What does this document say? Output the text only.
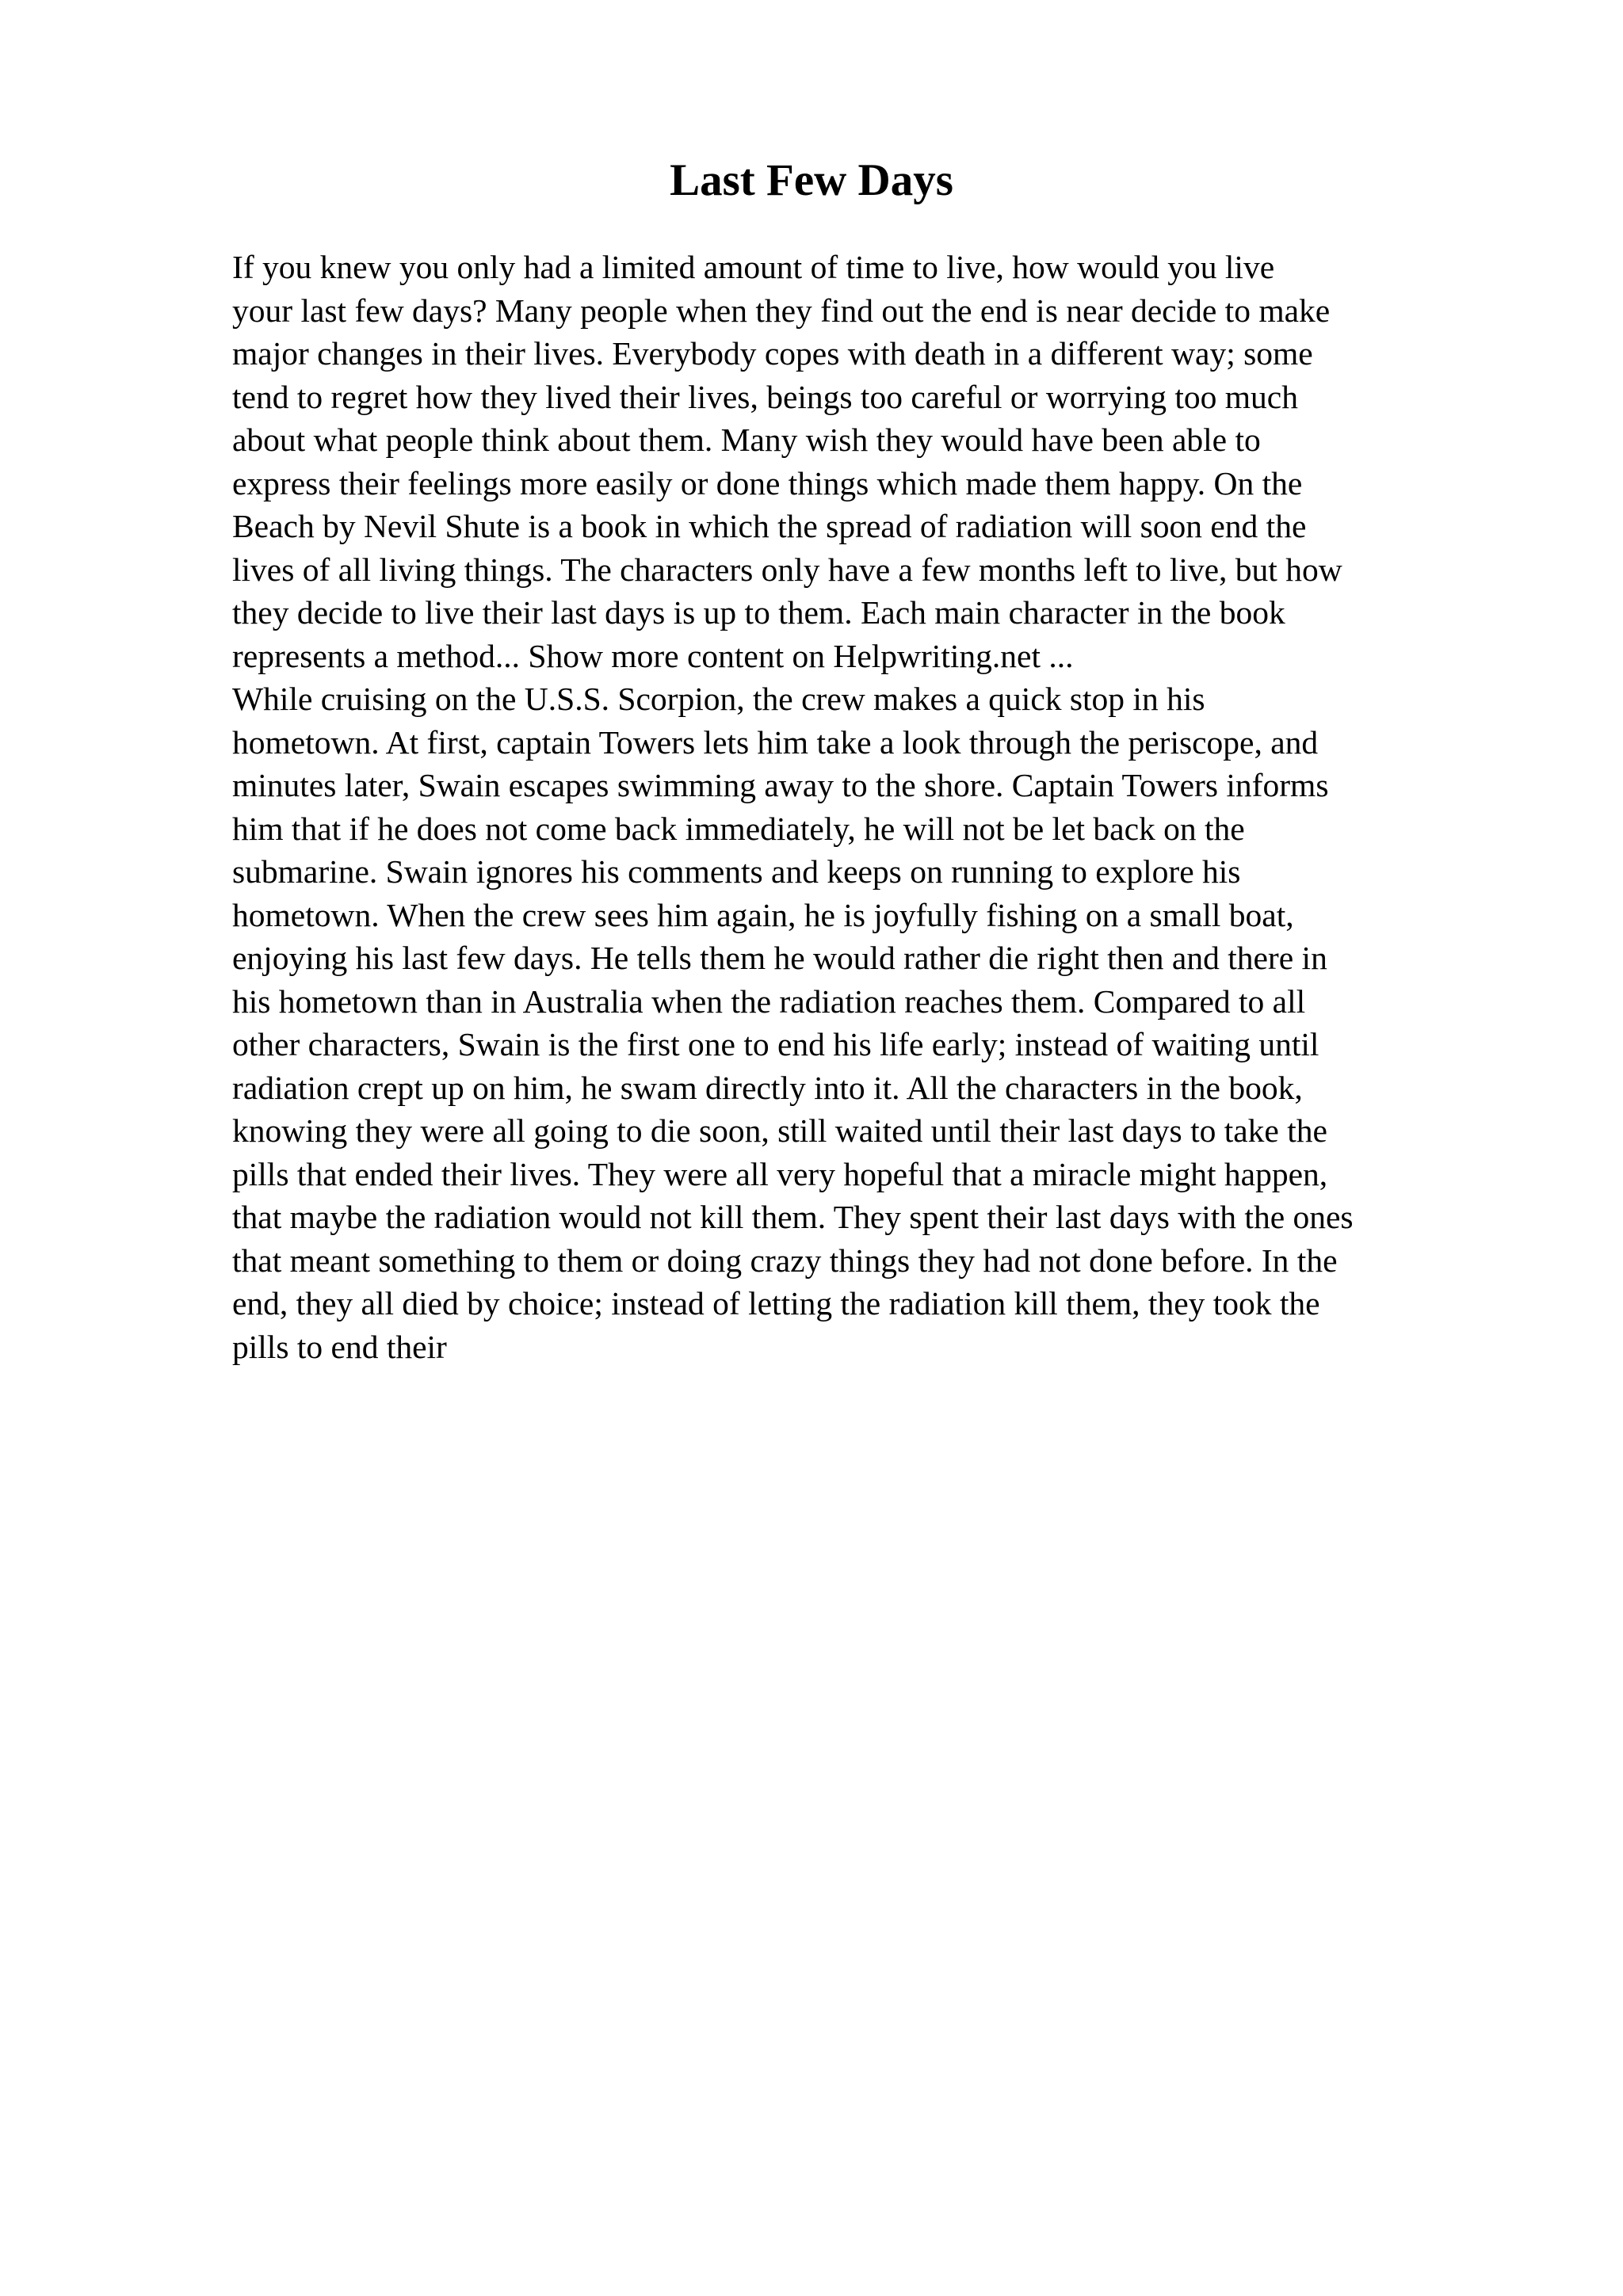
Last Few Days
If you knew you only had a limited amount of time to live, how would you live
your last few days? Many people when they find out the end is near decide to make
major changes in their lives. Everybody copes with death in a different way; some
tend to regret how they lived their lives, beings too careful or worrying too much
about what people think about them. Many wish they would have been able to
express their feelings more easily or done things which made them happy. On the
Beach by Nevil Shute is a book in which the spread of radiation will soon end the
lives of all living things. The characters only have a few months left to live, but how
they decide to live their last days is up to them. Each main character in the book
represents a method... Show more content on Helpwriting.net ...
While cruising on the U.S.S. Scorpion, the crew makes a quick stop in his
hometown. At first, captain Towers lets him take a look through the periscope, and
minutes later, Swain escapes swimming away to the shore. Captain Towers informs
him that if he does not come back immediately, he will not be let back on the
submarine. Swain ignores his comments and keeps on running to explore his
hometown. When the crew sees him again, he is joyfully fishing on a small boat,
enjoying his last few days. He tells them he would rather die right then and there in
his hometown than in Australia when the radiation reaches them. Compared to all
other characters, Swain is the first one to end his life early; instead of waiting until
radiation crept up on him, he swam directly into it. All the characters in the book,
knowing they were all going to die soon, still waited until their last days to take the
pills that ended their lives. They were all very hopeful that a miracle might happen,
that maybe the radiation would not kill them. They spent their last days with the ones
that meant something to them or doing crazy things they had not done before. In the
end, they all died by choice; instead of letting the radiation kill them, they took the
pills to end their
